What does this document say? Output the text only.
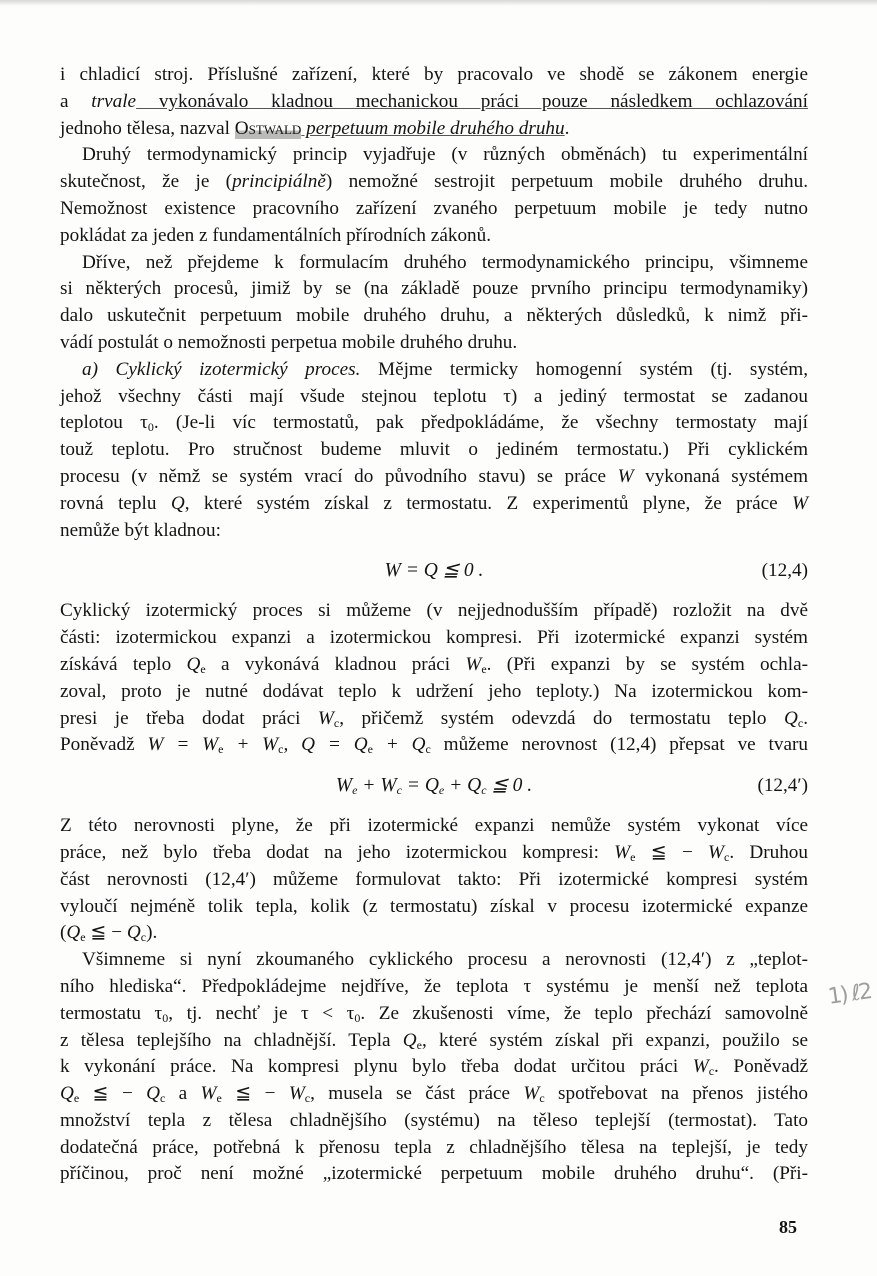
i chladicí stroj. Příslušné zařízení, které by pracovalo ve shodě se zákonem energie
a trvale vykonávalo kladnou mechanickou práci pouze následkem ochlazování
jednoho tělesa, nazval Ostwald perpetuum mobile druhého druhu.
Druhý termodynamický princip vyjadřuje (v různých obměnách) tu experimentální
skutečnost, že je (principiálně) nemožné sestrojit perpetuum mobile druhého druhu.
Nemožnost existence pracovního zařízení zvaného perpetuum mobile je tedy nutno
pokládat za jeden z fundamentálních přírodních zákonů.
Dříve, než přejdeme k formulacím druhého termodynamického principu, všimneme
si některých procesů, jimiž by se (na základě pouze prvního principu termodynamiky)
dalo uskutečnit perpetuum mobile druhého druhu, a některých důsledků, k nimž při-
vádí postulát o nemožnosti perpetua mobile druhého druhu.
a) Cyklický izotermický proces. Mějme termicky homogenní systém (tj. systém,
jehož všechny části mají všude stejnou teplotu τ) a jediný termostat se zadanou
teplotou $\tau_0$. (Je-li víc termostatů, pak předpokládáme, že všechny termostaty mají
touž teplotu. Pro stručnost budeme mluvit o jediném termostatu.) Při cyklickém
procesu (v němž se systém vrací do původního stavu) se práce W vykonaná systémem
rovná teplu Q, které systém získal z termostatu. Z experimentů plyne, že práce W
nemůže být kladnou:
W = Q ≦ 0 .	(12,4)
Cyklický izotermický proces si můžeme (v nejjednodušším případě) rozložit na dvě
části: izotermickou expanzi a izotermickou kompresi. Při izotermické expanzi systém
získává teplo $Q_e$ a vykonává kladnou práci $W_e$. (Při expanzi by se systém ochla-
zoval, proto je nutné dodávat teplo k udržení jeho teploty.) Na izotermickou kom-
presi je třeba dodat práci $W_c$, přičemž systém odevzdá do termostatu teplo $Q_c$.
Poněvadž $W = W_e + W_c$, $Q = Q_e + Q_c$ můžeme nerovnost (12,4) přepsat ve tvaru
$W_e + W_c = Q_e + Q_c$ ≦ 0 .	(12,4′)
Z této nerovnosti plyne, že při izotermické expanzi nemůže systém vykonat více
práce, než bylo třeba dodat na jeho izotermickou kompresi: $W_e$ ≦ − $W_c$. Druhou
část nerovnosti (12,4′) můžeme formulovat takto: Při izotermické kompresi systém
vyloučí nejméně tolik tepla, kolik (z termostatu) získal v procesu izotermické expanze
($Q_e$ ≦ − $Q_c$).
Všimneme si nyní zkoumaného cyklického procesu a nerovnosti (12,4′) z „teplot-
ního hlediska“. Předpokládejme nejdříve, že teplota τ systému je menší než teplota
termostatu $\tau_0$, tj. nechť je $\tau < \tau_0$. Ze zkušenosti víme, že teplo přechází samovolně
z tělesa teplejšího na chladnější. Tepla $Q_e$, které systém získal při expanzi, použilo se
k vykonání práce. Na kompresi plynu bylo třeba dodat určitou práci $W_c$. Poněvadž
$Q_e$ ≦ − $Q_c$ a $W_e$ ≦ − $W_c$, musela se část práce $W_c$ spotřebovat na přenos jistého
množství tepla z tělesa chladnějšího (systému) na těleso teplejší (termostat). Tato
dodatečná práce, potřebná k přenosu tepla z chladnějšího tělesa na teplejší, je tedy
příčinou, proč není možné „izotermické perpetuum mobile druhého druhu“. (Při-
1) ℓ2
85
